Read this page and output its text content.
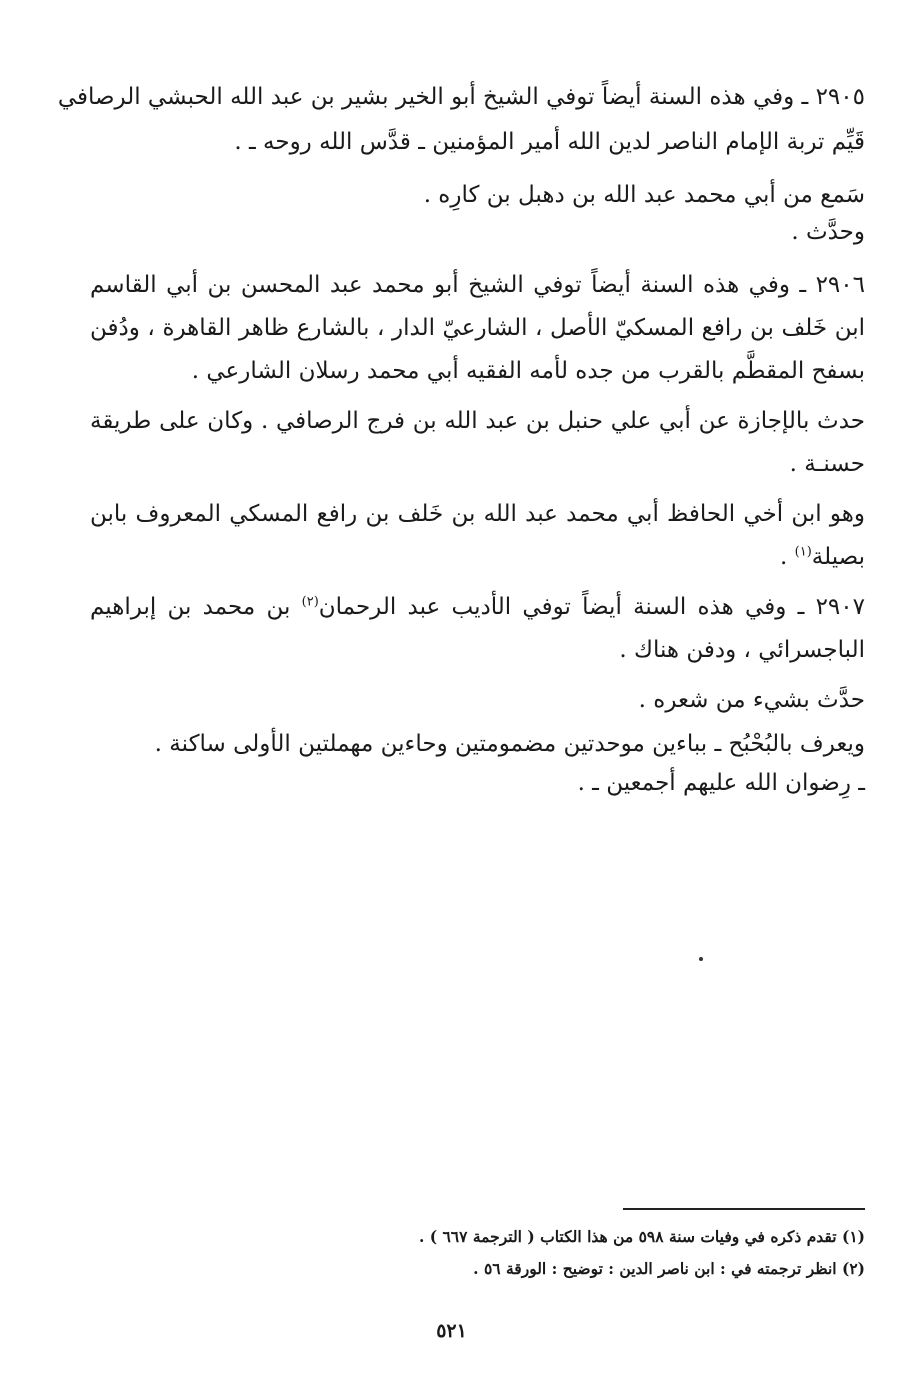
٢٩٠٥ ـ وفي هذه السنة أيضاً توفي الشيخ أبو الخير بشير بن عبد الله الحبشي الرصافي
قَيِّم تربة الإمام الناصر لدين الله أمير المؤمنين ـ قدَّس الله روحه ـ .
سَمع من أبي محمد عبد الله بن دهبل بن كارِه .
وحدَّث .
٢٩٠٦ ـ وفي هذه السنة أيضاً توفي الشيخ أبو محمد عبد المحسن بن أبي القاسم
ابن خَلف بن رافع المسكيّ الأصل ، الشارعيّ الدار ، بالشارع ظاهر القاهرة ، ودُفن
بسفح المقطَّم بالقرب من جده لأمه الفقيه أبي محمد رسلان الشارعي .
حدث بالإجازة عن أبي علي حنبل بن عبد الله بن فرج الرصافي . وكان على طريقة
حسنـة .
وهو ابن أخي الحافظ أبي محمد عبد الله بن خَلف بن رافع المسكي المعروف بابن
بصيلة$^{(١)}$ .
٢٩٠٧ ـ وفي هذه السنة أيضاً توفي الأديب عبد الرحمان$^{(٢)}$ بن محمد بن إبراهيم
الباجسرائي ، ودفن هناك .
حدَّث بشيء من شعره .
ويعرف بالبُحْبُح ـ بباءين موحدتين مضمومتين وحاءين مهملتين الأولى ساكنة .
ـ رِضوان الله عليهم أجمعين ـ .
(١) تقدم ذكره في وفيات سنة ٥٩٨ من هذا الكتاب ( الترجمة ٦٦٧ ) .
(٢) انظر ترجمته في : ابن ناصر الدين : توضيح : الورقة ٥٦ .
٥٢١
